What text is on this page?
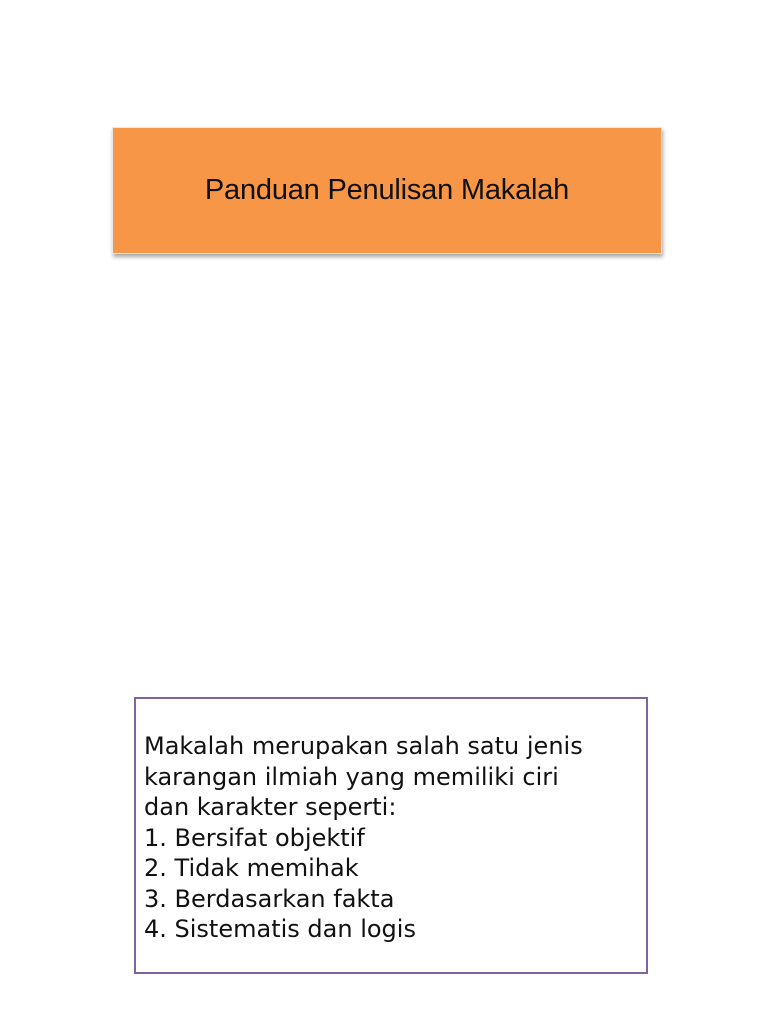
Panduan Penulisan Makalah
Makalah merupakan salah satu jenis
karangan ilmiah yang memiliki ciri
dan karakter seperti:
1. Bersifat objektif
2. Tidak memihak
3. Berdasarkan fakta
4. Sistematis dan logis
